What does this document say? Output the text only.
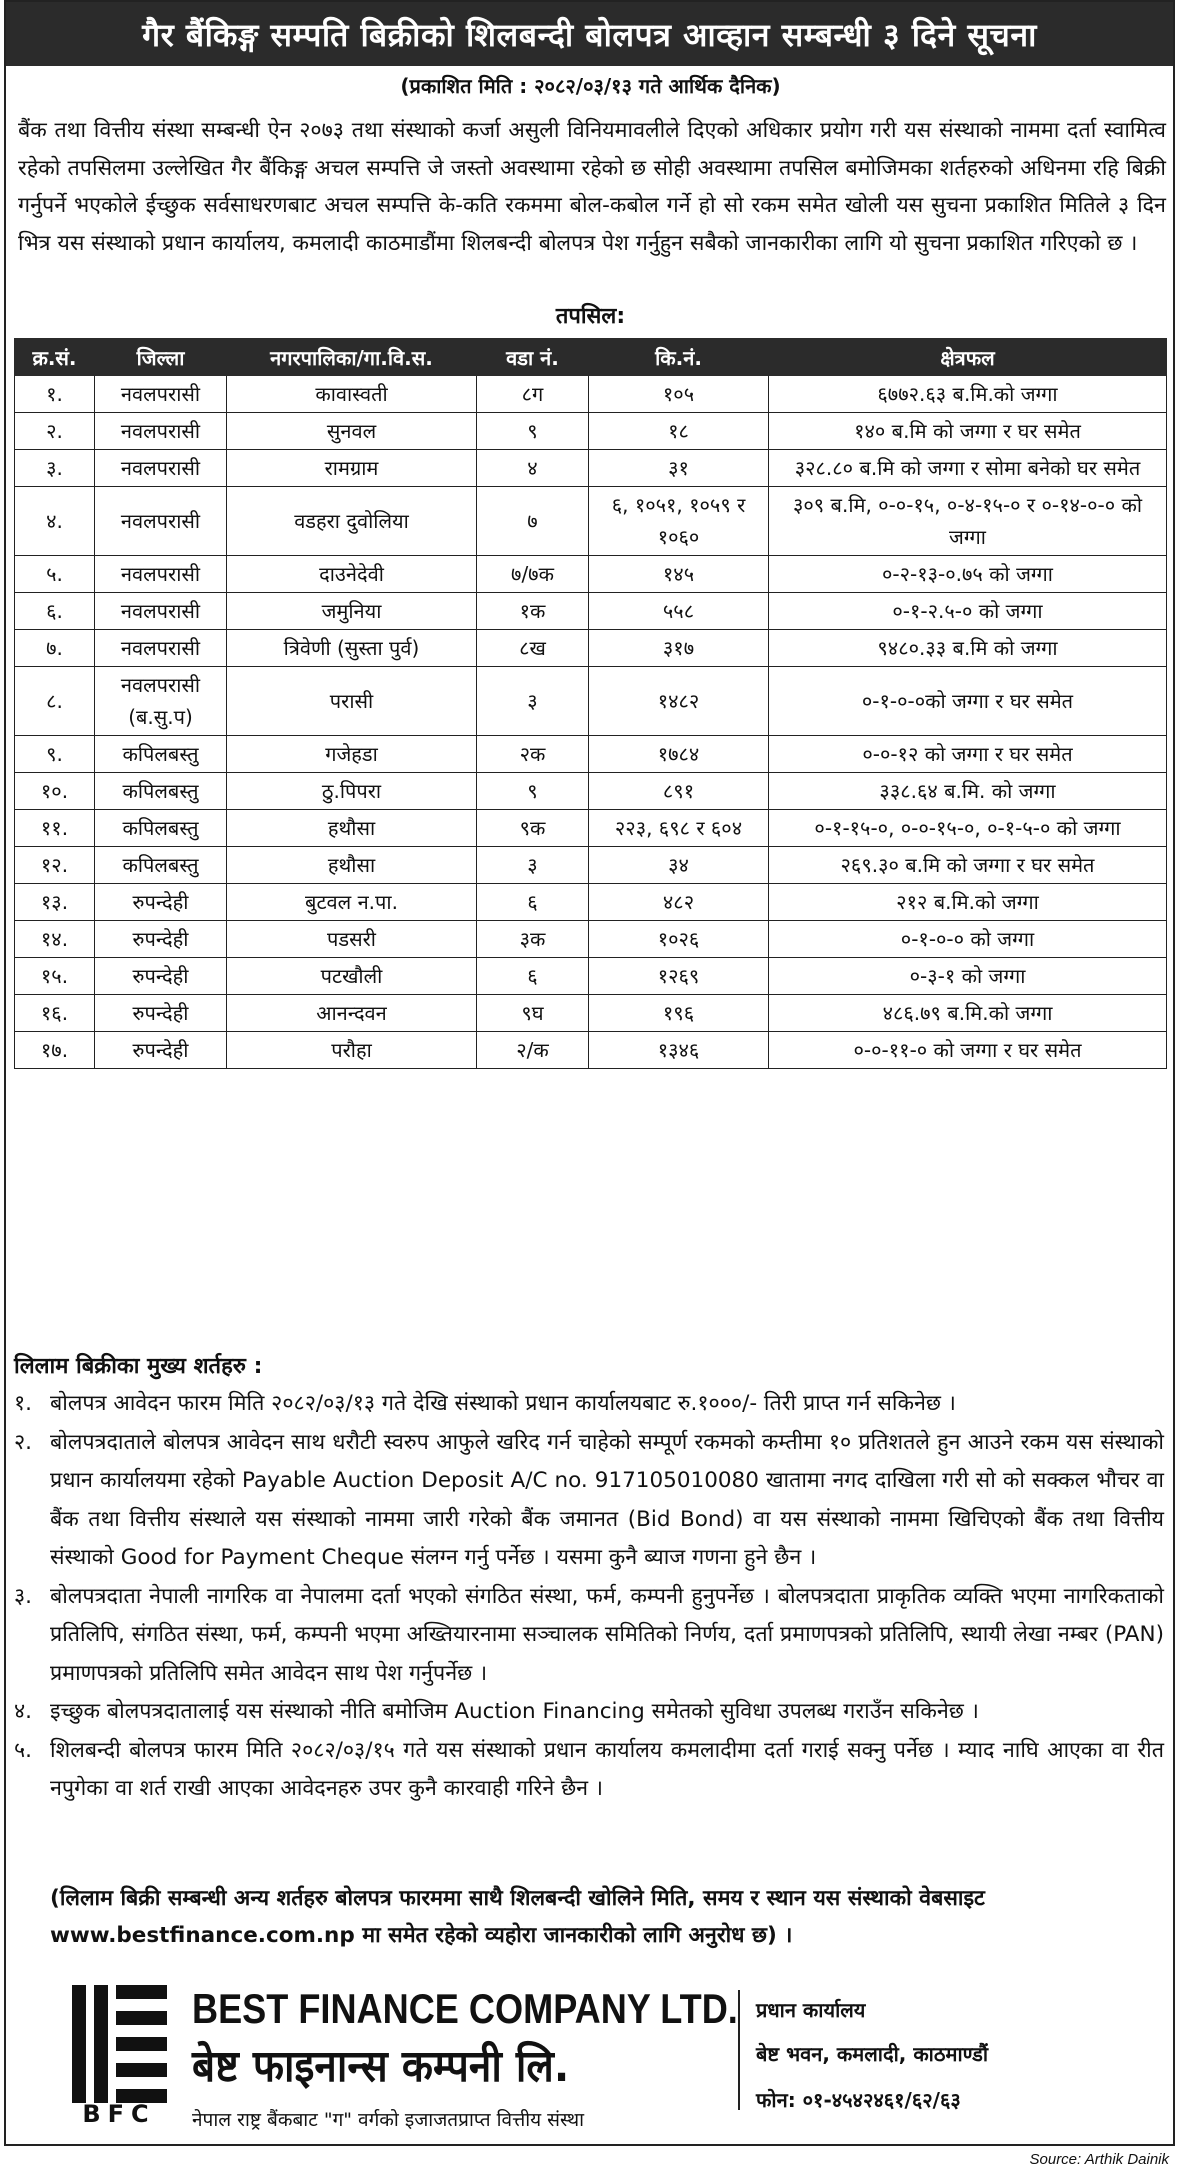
गैर बैंकिङ्ग सम्पति बिक्रीको शिलबन्दी बोलपत्र आव्हान सम्बन्धी ३ दिने सूचना
(प्रकाशित मिति : २०८२/०३/१३ गते आर्थिक दैनिक)
बैंक तथा वित्तीय संस्था सम्बन्धी ऐन २०७३ तथा संस्थाको कर्जा असुली विनियमावलीले दिएको अधिकार प्रयोग गरी यस संस्थाको नाममा दर्ता स्वामित्व रहेको तपसिलमा उल्लेखित गैर बैंकिङ्ग अचल सम्पत्ति जे जस्तो अवस्थामा रहेको छ सोही अवस्थामा तपसिल बमोजिमका शर्तहरुको अधिनमा रहि बिक्री गर्नुपर्ने भएकोले ईच्छुक सर्वसाधरणबाट अचल सम्पत्ति के-कति रकममा बोल-कबोल गर्ने हो सो रकम समेत खोली यस सुचना प्रकाशित मितिले ३ दिन भित्र यस संस्थाको प्रधान कार्यालय, कमलादी काठमाडौंमा शिलबन्दी बोलपत्र पेश गर्नुहुन सबैको जानकारीका लागि यो सुचना प्रकाशित गरिएको छ ।
तपसिल:
क्र.सं.	जिल्ला	नगरपालिका/गा.वि.स.	वडा नं.	कि.नं.	क्षेत्रफल
१.	नवलपरासी	कावास्वती	८ग	१०५	६७७२.६३ ब.मि.को जग्गा
२.	नवलपरासी	सुनवल	९	१८	१४० ब.मि को जग्गा र घर समेत
३.	नवलपरासी	रामग्राम	४	३१	३२८.८० ब.मि को जग्गा र सोमा बनेको घर समेत
४.	नवलपरासी	वडहरा दुवोलिया	७	६, १०५१, १०५९ र १०६०	३०९ ब.मि, ०-०-१५, ०-४-१५-० र ०-१४-०-० को जग्गा
५.	नवलपरासी	दाउनेदेवी	७/७क	१४५	०-२-१३-०.७५ को जग्गा
६.	नवलपरासी	जमुनिया	१क	५५८	०-१-२.५-० को जग्गा
७.	नवलपरासी	त्रिवेणी (सुस्ता पुर्व)	८ख	३१७	९४८०.३३ ब.मि को जग्गा
८.	नवलपरासी (ब.सु.प)	परासी	३	१४८२	०-१-०-०को जग्गा र घर समेत
९.	कपिलबस्तु	गजेहडा	२क	१७८४	०-०-१२ को जग्गा र घर समेत
१०.	कपिलबस्तु	ठु.पिपरा	९	८९१	३३८.६४ ब.मि. को जग्गा
११.	कपिलबस्तु	हथौसा	९क	२२३, ६९८ र ६०४	०-१-१५-०, ०-०-१५-०, ०-१-५-० को जग्गा
१२.	कपिलबस्तु	हथौसा	३	३४	२६९.३० ब.मि को जग्गा र घर समेत
१३.	रुपन्देही	बुटवल न.पा.	६	४८२	२१२ ब.मि.को जग्गा
१४.	रुपन्देही	पडसरी	३क	१०२६	०-१-०-० को जग्गा
१५.	रुपन्देही	पटखौली	६	१२६९	०-३-१ को जग्गा
१६.	रुपन्देही	आनन्दवन	९घ	१९६	४८६.७९ ब.मि.को जग्गा
१७.	रुपन्देही	परौहा	२/क	१३४६	०-०-११-० को जग्गा र घर समेत
लिलाम बिक्रीका मुख्य शर्तहरु :
१. बोलपत्र आवेदन फारम मिति २०८२/०३/१३ गते देखि संस्थाको प्रधान कार्यालयबाट रु.१०००/- तिरी प्राप्त गर्न सकिनेछ ।
२. बोलपत्रदाताले बोलपत्र आवेदन साथ धरौटी स्वरुप आफुले खरिद गर्न चाहेको सम्पूर्ण रकमको कम्तीमा १० प्रतिशतले हुन आउने रकम यस संस्थाको प्रधान कार्यालयमा रहेको Payable Auction Deposit A/C no. 917105010080 खातामा नगद दाखिला गरी सो को सक्कल भौचर वा बैंक तथा वित्तीय संस्थाले यस संस्थाको नाममा जारी गरेको बैंक जमानत (Bid Bond) वा यस संस्थाको नाममा खिचिएको बैंक तथा वित्तीय संस्थाको Good for Payment Cheque संलग्न गर्नु पर्नेछ । यसमा कुनै ब्याज गणना हुने छैन ।
३. बोलपत्रदाता नेपाली नागरिक वा नेपालमा दर्ता भएको संगठित संस्था, फर्म, कम्पनी हुनुपर्नेछ । बोलपत्रदाता प्राकृतिक व्यक्ति भएमा नागरिकताको प्रतिलिपि, संगठित संस्था, फर्म, कम्पनी भएमा अख्तियारनामा सञ्चालक समितिको निर्णय, दर्ता प्रमाणपत्रको प्रतिलिपि, स्थायी लेखा नम्बर (PAN) प्रमाणपत्रको प्रतिलिपि समेत आवेदन साथ पेश गर्नुपर्नेछ ।
४. इच्छुक बोलपत्रदातालाई यस संस्थाको नीति बमोजिम Auction Financing समेतको सुविधा उपलब्ध गराउँन सकिनेछ ।
५. शिलबन्दी बोलपत्र फारम मिति २०८२/०३/१५ गते यस संस्थाको प्रधान कार्यालय कमलादीमा दर्ता गराई सक्नु पर्नेछ । म्याद नाघि आएका वा रीत नपुगेका वा शर्त राखी आएका आवेदनहरु उपर कुनै कारवाही गरिने छैन ।
(लिलाम बिक्री सम्बन्धी अन्य शर्तहरु बोलपत्र फारममा साथै शिलबन्दी खोलिने मिति, समय र स्थान यस संस्थाको वेबसाइट www.bestfinance.com.np मा समेत रहेको व्यहोरा जानकारीको लागि अनुरोध छ) ।
BFC
BEST FINANCE COMPANY LTD.
बेष्ट फाइनान्स कम्पनी लि.
नेपाल राष्ट्र बैंकबाट "ग" वर्गको इजाजतप्राप्त वित्तीय संस्था
प्रधान कार्यालय
बेष्ट भवन, कमलादी, काठमाण्डौं
फोन: ०१-४५४२४६१/६२/६३
Source: Arthik Dainik
